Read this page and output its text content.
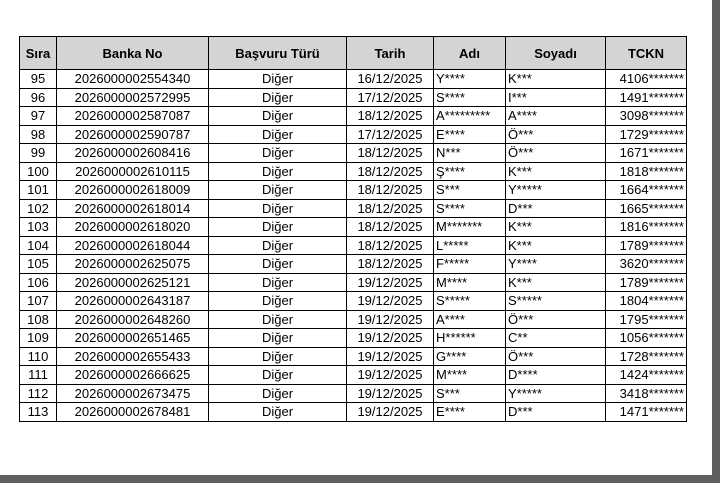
Sıra	Banka No	Başvuru Türü	Tarih	Adı	Soyadı	TCKN
95	2026000002554340	Diğer	16/12/2025	Y****	K***	4106*******
96	2026000002572995	Diğer	17/12/2025	S****	I***	1491*******
97	2026000002587087	Diğer	18/12/2025	A*********	A****	3098*******
98	2026000002590787	Diğer	17/12/2025	E****	Ö***	1729*******
99	2026000002608416	Diğer	18/12/2025	N***	Ö***	1671*******
100	2026000002610115	Diğer	18/12/2025	Ş****	K***	1818*******
101	2026000002618009	Diğer	18/12/2025	S***	Y*****	1664*******
102	2026000002618014	Diğer	18/12/2025	S****	D***	1665*******
103	2026000002618020	Diğer	18/12/2025	M*******	K***	1816*******
104	2026000002618044	Diğer	18/12/2025	L*****	K***	1789*******
105	2026000002625075	Diğer	18/12/2025	F*****	Y****	3620*******
106	2026000002625121	Diğer	19/12/2025	M****	K***	1789*******
107	2026000002643187	Diğer	19/12/2025	S*****	S*****	1804*******
108	2026000002648260	Diğer	19/12/2025	A****	Ö***	1795*******
109	2026000002651465	Diğer	19/12/2025	H******	C**	1056*******
110	2026000002655433	Diğer	19/12/2025	G****	Ö***	1728*******
111	2026000002666625	Diğer	19/12/2025	M****	D****	1424*******
112	2026000002673475	Diğer	19/12/2025	S***	Y*****	3418*******
113	2026000002678481	Diğer	19/12/2025	E****	D***	1471*******
